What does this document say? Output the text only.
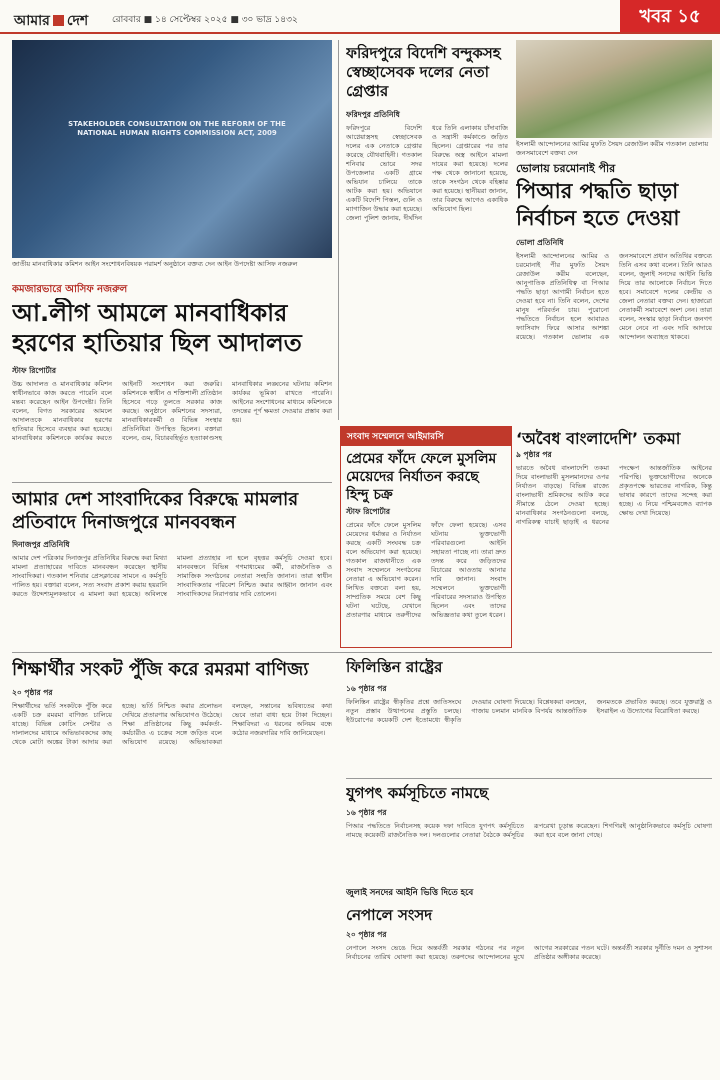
আমার দেশ	রোববার ■ ১৪ সেপ্টেম্বর ২০২৫ ■ ৩০ ভাদ্র ১৪৩২	খবর ১৫
STAKEHOLDER CONSULTATION ON THE REFORM OF THE NATIONAL HUMAN RIGHTS COMMISSION ACT, 2009
জাতীয় মানবাধিকার কমিশন আইন সংশোধনবিষয়ক পরামর্শ অনুষ্ঠানে বক্তব্য দেন আইন উপদেষ্টা আসিফ নজরুল
কমজারভারে আসিফ নজরুল
আ.লীগ আমলে মানবাধিকার হরণের হাতিয়ার ছিল আদালত
স্টাফ রিপোর্টার
উচ্চ আদালত ও মানবাধিকার কমিশন স্বাধীনভাবে কাজ করতে পারেনি বলে মন্তব্য করেছেন আইন উপদেষ্টা। তিনি বলেন, বিগত সরকারের আমলে আদালতকে মানবাধিকার হরণের হাতিয়ার হিসেবে ব্যবহার করা হয়েছে। মানবাধিকার কমিশনকে কার্যকর করতে আইনটি সংশোধন করা জরুরি। কমিশনকে স্বাধীন ও শক্তিশালী প্রতিষ্ঠান হিসেবে গড়ে তুলতে সরকার কাজ করছে। অনুষ্ঠানে কমিশনের সদস্যরা, মানবাধিকারকর্মী ও বিভিন্ন সংস্থার প্রতিনিধিরা উপস্থিত ছিলেন। বক্তারা বলেন, গুম, বিচারবহির্ভূত হত্যাকাণ্ডসহ মানবাধিকার লঙ্ঘনের ঘটনায় কমিশন কার্যকর ভূমিকা রাখতে পারেনি। আইনের সংশোধনের মাধ্যমে কমিশনকে তদন্তের পূর্ণ ক্ষমতা দেওয়ার প্রস্তাব করা হয়।
ফরিদপুরে বিদেশি বন্দুকসহ স্বেচ্ছাসেবক দলের নেতা গ্রেপ্তার
ফরিদপুর প্রতিনিধি
ফরিদপুরে বিদেশি আগ্নেয়াস্ত্রসহ স্বেচ্ছাসেবক দলের এক নেতাকে গ্রেপ্তার করেছে যৌথবাহিনী। গতকাল শনিবার ভোরে সদর উপজেলার একটি গ্রামে অভিযান চালিয়ে তাকে আটক করা হয়। অভিযানে একটি বিদেশি পিস্তল, গুলি ও ম্যাগাজিন উদ্ধার করা হয়েছে। জেলা পুলিশ জানায়, দীর্ঘদিন ধরে তিনি এলাকায় চাঁদাবাজি ও সন্ত্রাসী কর্মকাণ্ডে জড়িত ছিলেন। গ্রেপ্তারের পর তার বিরুদ্ধে অস্ত্র আইনে মামলা দায়ের করা হয়েছে। দলের পক্ষ থেকে জানানো হয়েছে, তাকে সংগঠন থেকে বহিষ্কার করা হয়েছে। স্থানীয়রা জানান, তার বিরুদ্ধে আগেও একাধিক অভিযোগ ছিল।
ইসলামী আন্দোলনের আমির মুফতি সৈয়দ রেজাউল করীম গতকাল ভোলায় জনসমাবেশে বক্তব্য দেন
ভোলায় চরমোনাই পীর
পিআর পদ্ধতি ছাড়া নির্বাচন হতে দেওয়া
ভোলা প্রতিনিধি
ইসলামী আন্দোলনের আমির ও চরমোনাই পীর মুফতি সৈয়দ রেজাউল করীম বলেছেন, আনুপাতিক প্রতিনিধিত্ব বা পিআর পদ্ধতি ছাড়া আগামী নির্বাচন হতে দেওয়া হবে না। তিনি বলেন, দেশের মানুষ পরিবর্তন চায়। পুরোনো পদ্ধতিতে নির্বাচন হলে আবারও ফ্যাসিবাদ ফিরে আসার আশঙ্কা রয়েছে। গতকাল ভোলায় এক জনসমাবেশে প্রধান অতিথির বক্তব্যে তিনি এসব কথা বলেন। তিনি আরও বলেন, জুলাই সনদের আইনি ভিত্তি দিয়ে তার আলোকে নির্বাচন দিতে হবে। সমাবেশে দলের কেন্দ্রীয় ও জেলা নেতারা বক্তব্য দেন। হাজারো নেতাকর্মী সমাবেশে অংশ নেন। তারা বলেন, সংস্কার ছাড়া নির্বাচন জনগণ মেনে নেবে না এবং দাবি আদায়ে আন্দোলন অব্যাহত থাকবে।
আমার দেশ সাংবাদিকের বিরুদ্ধে মামলার প্রতিবাদে দিনাজপুরে মানববন্ধন
দিনাজপুর প্রতিনিধি
আমার দেশ পত্রিকার দিনাজপুর প্রতিনিধির বিরুদ্ধে করা মিথ্যা মামলা প্রত্যাহারের দাবিতে মানববন্ধন করেছেন স্থানীয় সাংবাদিকরা। গতকাল শনিবার প্রেসক্লাবের সামনে এ কর্মসূচি পালিত হয়। বক্তারা বলেন, সত্য সংবাদ প্রকাশ করায় হয়রানি করতে উদ্দেশ্যমূলকভাবে এ মামলা করা হয়েছে। অবিলম্বে মামলা প্রত্যাহার না হলে বৃহত্তর কর্মসূচি দেওয়া হবে। মানববন্ধনে বিভিন্ন গণমাধ্যমের কর্মী, রাজনৈতিক ও সামাজিক সংগঠনের নেতারা সংহতি জানান। তারা স্বাধীন সাংবাদিকতার পরিবেশ নিশ্চিত করার আহ্বান জানান এবং সাংবাদিকদের নিরাপত্তার দাবি তোলেন।
সংবাদ সম্মেলনে আইমারসি
প্রেমের ফাঁদে ফেলে মুসলিম মেয়েদের নির্যাতন করছে হিন্দু চক্র
স্টাফ রিপোর্টার
প্রেমের ফাঁদে ফেলে মুসলিম মেয়েদের ধর্মান্তর ও নির্যাতন করছে একটি সংঘবদ্ধ চক্র বলে অভিযোগ করা হয়েছে। গতকাল রাজধানীতে এক সংবাদ সম্মেলনে সংগঠনের নেতারা এ অভিযোগ করেন। লিখিত বক্তব্যে বলা হয়, সাম্প্রতিক সময়ে বেশ কিছু ঘটনা ঘটেছে, যেখানে প্রতারণার মাধ্যমে তরুণীদের ফাঁদে ফেলা হয়েছে। এসব ঘটনায় ভুক্তভোগী পরিবারগুলো আইনি সহায়তা পাচ্ছে না। তারা দ্রুত তদন্ত করে জড়িতদের বিচারের আওতায় আনার দাবি জানান। সংবাদ সম্মেলনে ভুক্তভোগী পরিবারের সদস্যরাও উপস্থিত ছিলেন এবং তাদের অভিজ্ঞতার কথা তুলে ধরেন।
‘অবৈধ বাংলাদেশি’ তকমা
৯ পৃষ্ঠার পর
ভারতে অবৈধ বাংলাদেশি তকমা দিয়ে বাংলাভাষী মুসলমানদের ওপর নির্যাতন বাড়ছে। বিভিন্ন রাজ্যে বাংলাভাষী শ্রমিকদের আটক করে সীমান্তে ঠেলে দেওয়া হচ্ছে। মানবাধিকার সংগঠনগুলো বলছে, নাগরিকত্ব যাচাই ছাড়াই এ ধরনের পদক্ষেপ আন্তর্জাতিক আইনের পরিপন্থি। ভুক্তভোগীদের অনেকে প্রকৃতপক্ষে ভারতের নাগরিক, কিন্তু ভাষার কারণে তাদের সন্দেহ করা হচ্ছে। এ নিয়ে পশ্চিমবঙ্গেও ব্যাপক ক্ষোভ দেখা দিয়েছে।
শিক্ষার্থীর সংকট পুঁজি করে রমরমা বাণিজ্য
২০ পৃষ্ঠার পর
শিক্ষার্থীদের ভর্তি সংকটকে পুঁজি করে একটি চক্র রমরমা বাণিজ্য চালিয়ে যাচ্ছে। বিভিন্ন কোচিং সেন্টার ও দালালদের মাধ্যমে অভিভাবকদের কাছ থেকে মোটা অঙ্কের টাকা আদায় করা হচ্ছে। ভর্তি নিশ্চিত করার প্রলোভন দেখিয়ে প্রতারণার অভিযোগও উঠেছে। শিক্ষা প্রতিষ্ঠানের কিছু কর্মকর্তা-কর্মচারীও এ চক্রের সঙ্গে জড়িত বলে অভিযোগ রয়েছে। অভিভাবকরা বলছেন, সন্তানের ভবিষ্যতের কথা ভেবে তারা বাধ্য হয়ে টাকা দিচ্ছেন। শিক্ষাবিদরা এ ধরনের অনিয়ম বন্ধে কঠোর নজরদারির দাবি জানিয়েছেন।
ফিলিস্তিন রাষ্ট্রের
১৬ পৃষ্ঠার পর
ফিলিস্তিন রাষ্ট্রের স্বীকৃতির প্রশ্নে জাতিসংঘে নতুন প্রস্তাব উত্থাপনের প্রস্তুতি চলছে। ইউরোপের কয়েকটি দেশ ইতোমধ্যে স্বীকৃতি দেওয়ার ঘোষণা দিয়েছে। বিশ্লেষকরা বলছেন, গাজায় চলমান মানবিক বিপর্যয় আন্তর্জাতিক জনমতকে প্রভাবিত করছে। তবে যুক্তরাষ্ট্র ও ইসরাইল এ উদ্যোগের বিরোধিতা করছে।
যুগপৎ কর্মসূচিতে নামছে
১৬ পৃষ্ঠার পর
পিআর পদ্ধতিতে নির্বাচনসহ কয়েক দফা দাবিতে যুগপৎ কর্মসূচিতে নামছে কয়েকটি রাজনৈতিক দল। দলগুলোর নেতারা বৈঠকে কর্মসূচির রূপরেখা চূড়ান্ত করেছেন। শিগগিরই আনুষ্ঠানিকভাবে কর্মসূচি ঘোষণা করা হবে বলে জানা গেছে।
জুলাই সনদের আইনি ভিত্তি দিতে হবে
নেপালে সংসদ
২০ পৃষ্ঠার পর
নেপালে সংসদ ভেঙে দিয়ে অন্তর্বর্তী সরকার গঠনের পর নতুন নির্বাচনের তারিখ ঘোষণা করা হয়েছে। তরুণদের আন্দোলনের মুখে আগের সরকারের পতন ঘটে। অন্তর্বর্তী সরকার দুর্নীতি দমন ও সুশাসন প্রতিষ্ঠার অঙ্গীকার করেছে।
